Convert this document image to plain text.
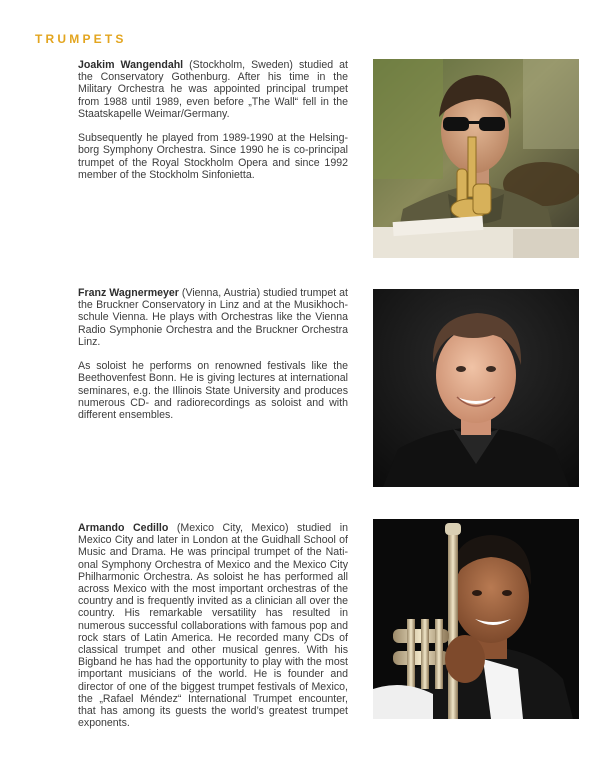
TRUMPETS

Joakim Wangendahl (Stockholm, Sweden) studied at the Conservatory Gothenburg. After his time in the Military Orchestra he was appointed principal trumpet from 1988 until 1989, even before „The Wall“ fell in the Staatskapelle Weimar/Germany.

Subsequently he played from 1989-1990 at the Helsingborg Symphony Orchestra. Since 1990 he is co-principal trumpet of the Royal Stockholm Opera and since 1992 member of the Stockholm Sinfonietta.

Franz Wagnermeyer (Vienna, Austria) studied trumpet at the Bruckner Conservatory in Linz and at the Musikhochschule Vienna. He plays with Orchestras like the Vienna Radio Symphonie Orchestra and the Bruckner Orchestra Linz.

As soloist he performs on renowned festivals like the Beethovenfest Bonn. He is giving lectures at international seminares, e.g. the Illinois State University and produces numerous CD- and radiorecordings as soloist and with different ensembles.

Armando Cedillo (Mexico City, Mexico) studied in Mexico City and later in London at the Guidhall School of Music and Drama. He was principal trumpet of the National Symphony Orchestra of Mexico and the Mexico City Philharmonic Orchestra. As soloist he has performed all across Mexico with the most important orchestras of the country and is frequently invited as a clinician all over the country. His remarkable versatility has resulted in numerous successful collaborations with famous pop and rock stars of Latin America. He recorded many CDs of classical trumpet and other musical genres. With his Bigband he has had the opportunity to play with the most important musicians of the world. He is founder and director of one of the biggest trumpet festivals of Mexico, the „Rafael Méndez“ International Trumpet encounter, that has among its guests the world’s greatest trumpet exponents.
